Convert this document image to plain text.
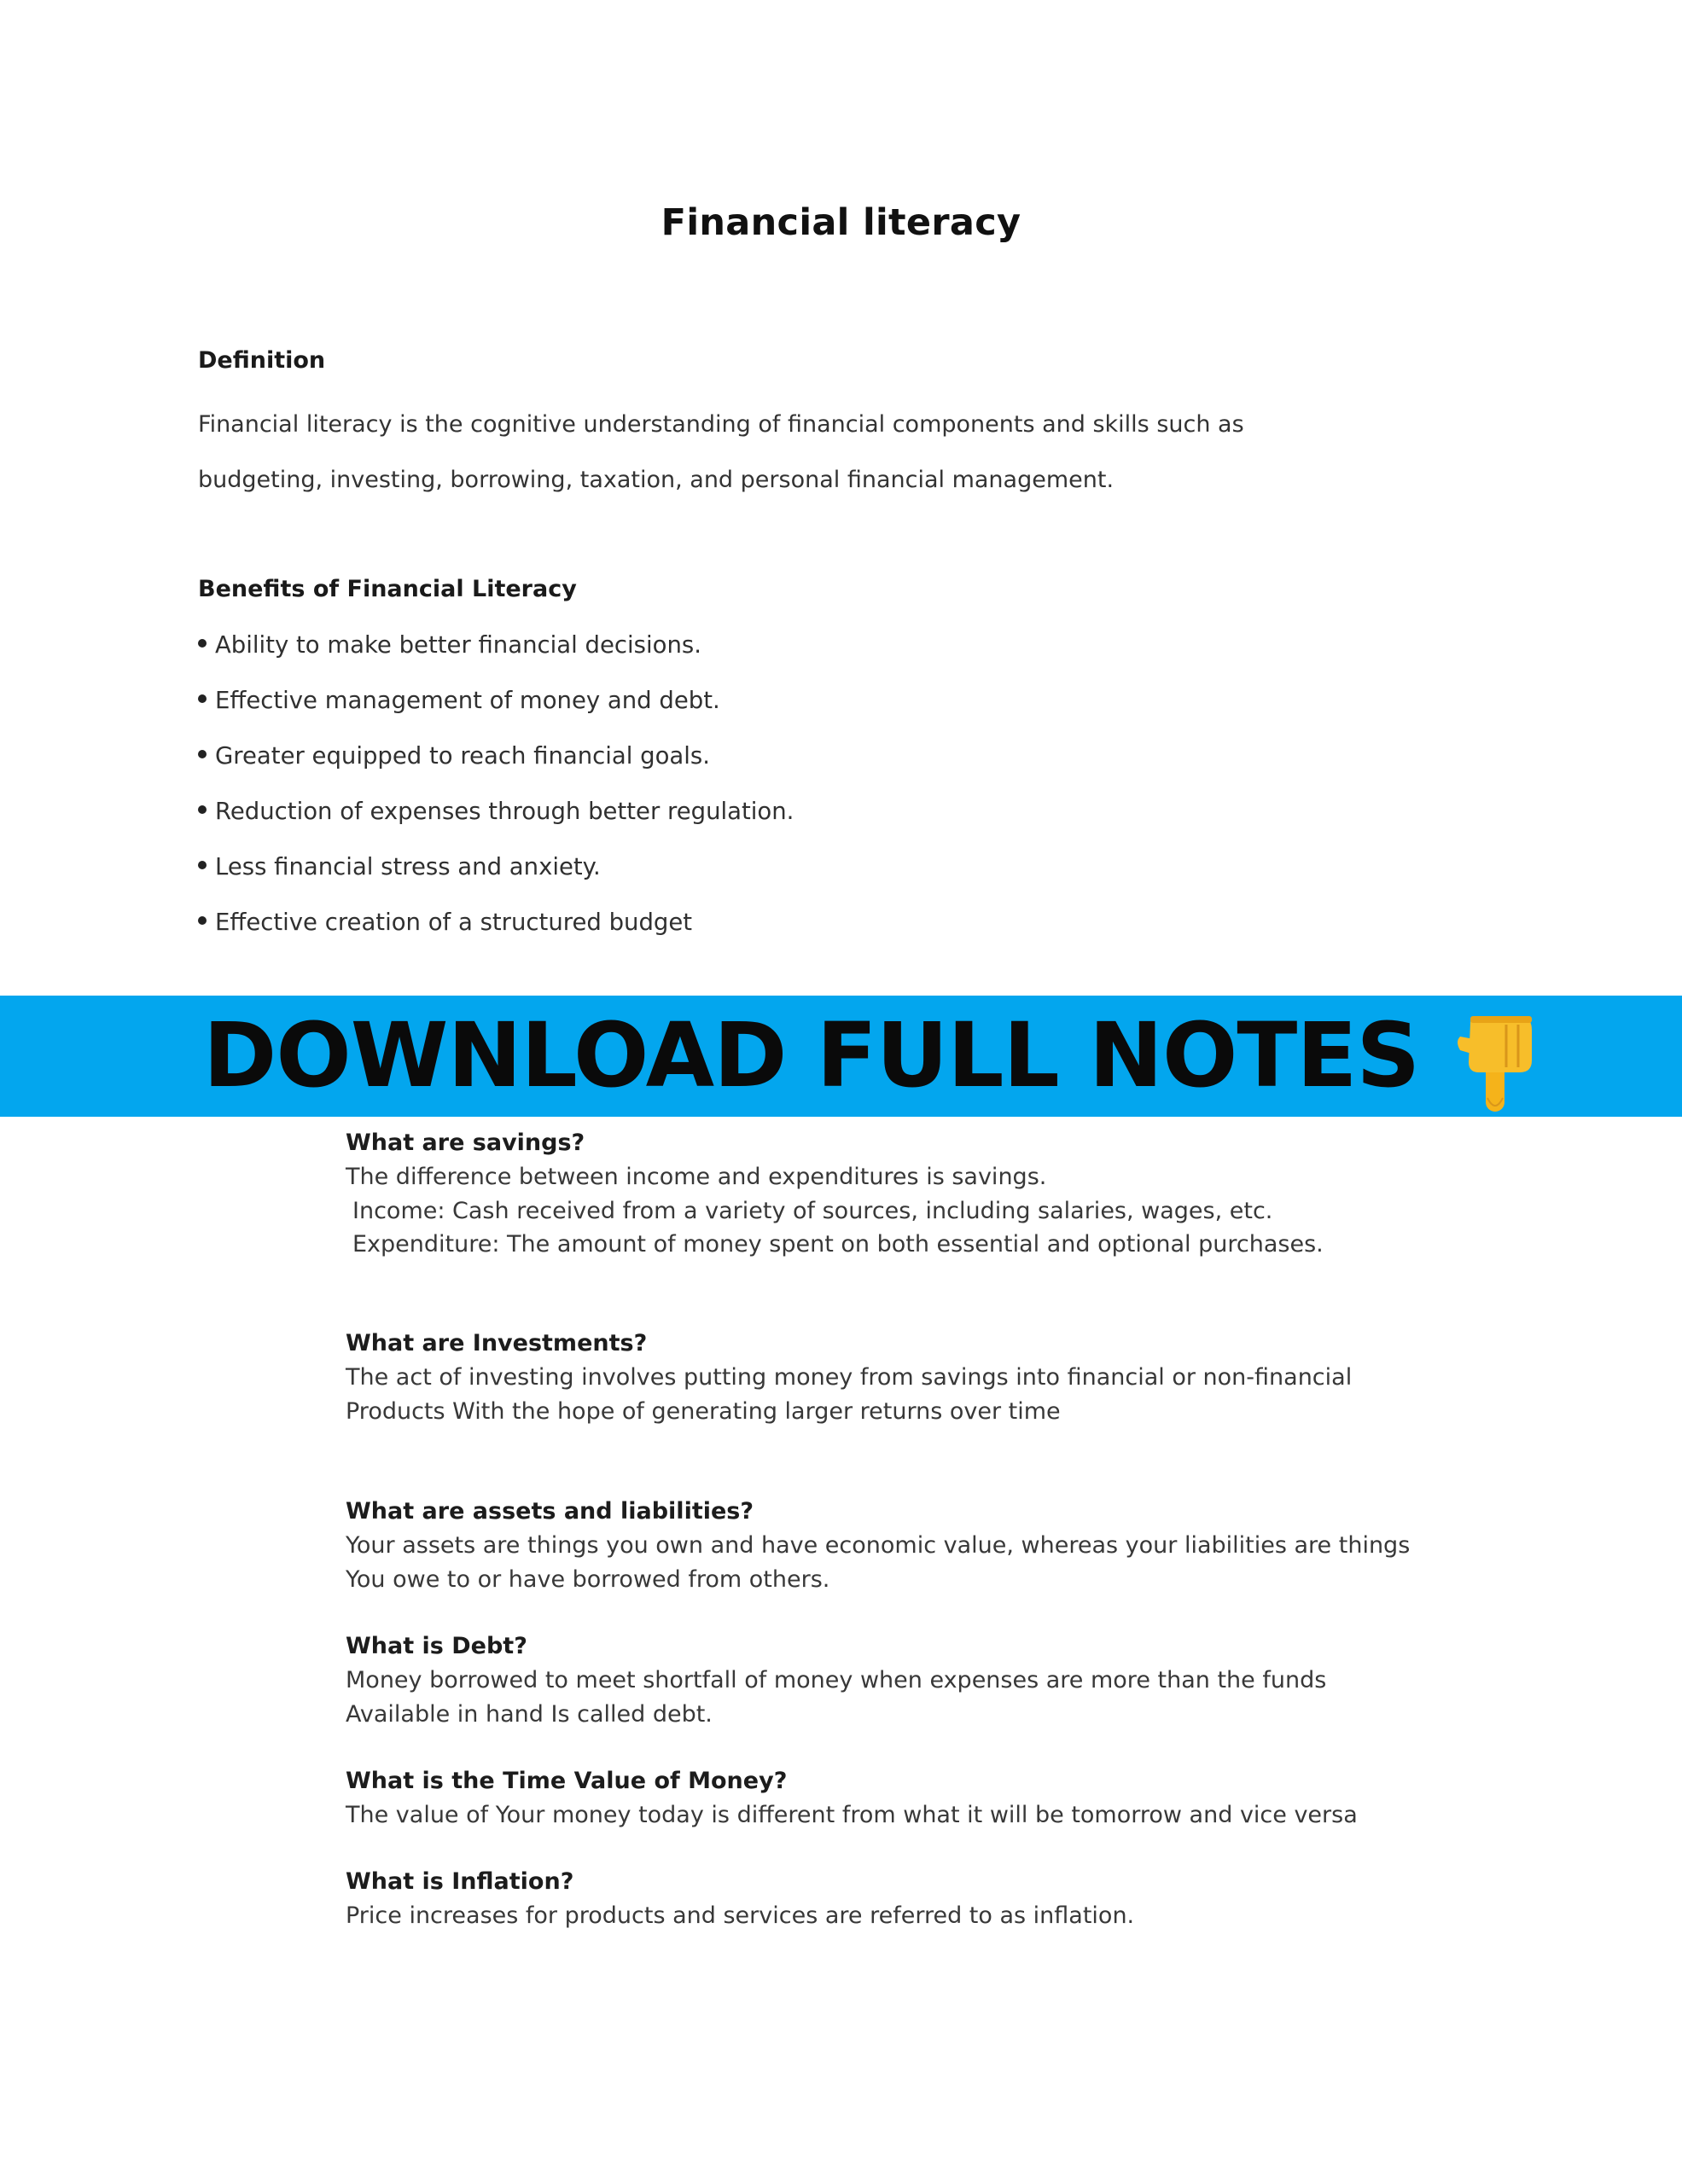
Financial literacy
Definition
Financial literacy is the cognitive understanding of financial components and skills such as
budgeting, investing, borrowing, taxation, and personal financial management.
Benefits of Financial Literacy
Ability to make better financial decisions.
Effective management of money and debt.
Greater equipped to reach financial goals.
Reduction of expenses through better regulation.
Less financial stress and anxiety.
Effective creation of a structured budget
DOWNLOAD FULL NOTES
What are savings?
The difference between income and expenditures is savings.
Income: Cash received from a variety of sources, including salaries, wages, etc.
Expenditure: The amount of money spent on both essential and optional purchases.
What are Investments?
The act of investing involves putting money from savings into financial or non-financial
Products With the hope of generating larger returns over time
What are assets and liabilities?
Your assets are things you own and have economic value, whereas your liabilities are things
You owe to or have borrowed from others.
What is Debt?
Money borrowed to meet shortfall of money when expenses are more than the funds
Available in hand Is called debt.
What is the Time Value of Money?
The value of Your money today is different from what it will be tomorrow and vice versa
What is Inflation?
Price increases for products and services are referred to as inflation.
